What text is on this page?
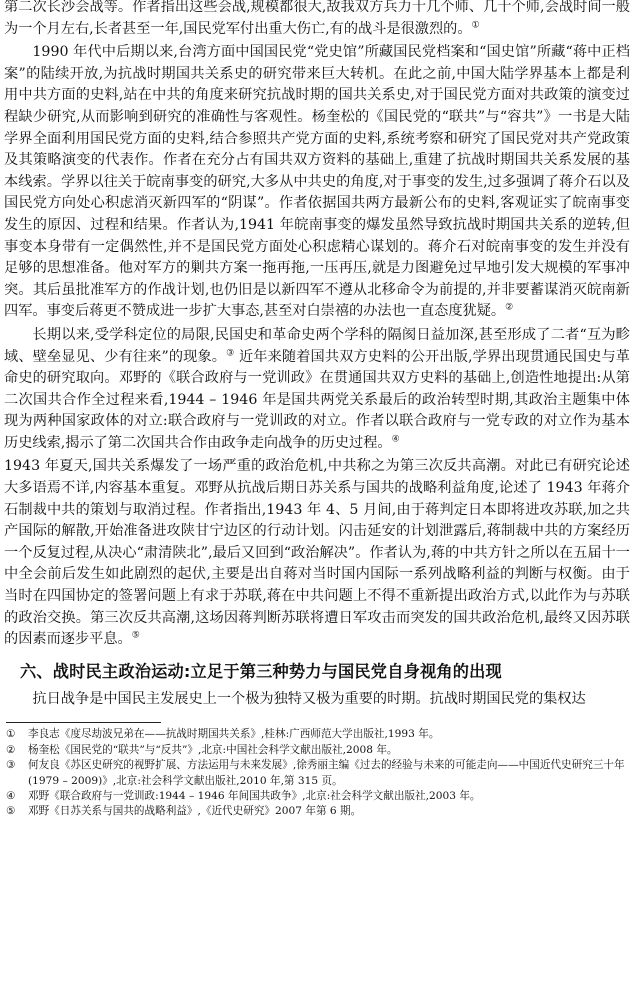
第二次长沙会战等。作者指出这些会战,规模都很大,敌我双方兵力十几个师、几十个师,会战时间一般为一个月左右,长者甚至一年,国民党军付出重大伤亡,有的战斗是很激烈的。①

1990 年代中后期以来,台湾方面中国国民党“党史馆”所藏国民党档案和“国史馆”所藏“蒋中正档案”的陆续开放,为抗战时期国共关系史的研究带来巨大转机。在此之前,中国大陆学界基本上都是利用中共方面的史料,站在中共的角度来研究抗战时期的国共关系史,对于国民党方面对共政策的演变过程缺少研究,从而影响到研究的准确性与客观性。杨奎松的《国民党的“联共”与“容共”》一书是大陆学界全面利用国民党方面的史料,结合参照共产党方面的史料,系统考察和研究了国民党对共产党政策及其策略演变的代表作。作者在充分占有国共双方资料的基础上,重建了抗战时期国共关系发展的基本线索。学界以往关于皖南事变的研究,大多从中共史的角度,对于事变的发生,过多强调了蒋介石以及国民党方向处心积虑消灭新四军的“阴谋”。作者依据国共两方最新公布的史料,客观证实了皖南事变发生的原因、过程和结果。作者认为,1941 年皖南事变的爆发虽然导致抗战时期国共关系的逆转,但事变本身带有一定偶然性,并不是国民党方面处心积虑精心谋划的。蒋介石对皖南事变的发生并没有足够的思想准备。他对军方的剿共方案一拖再拖,一压再压,就是力图避免过早地引发大规模的军事冲突。其后虽批准军方的作战计划,也仍旧是以新四军不遵从北移命令为前提的,并非要蓄谋消灭皖南新四军。事变后蒋更不赞成进一步扩大事态,甚至对白崇禧的办法也一直态度犹疑。②

长期以来,受学科定位的局限,民国史和革命史两个学科的隔阂日益加深,甚至形成了二者“互为畛域、壁垒显见、少有往来”的现象。③ 近年来随着国共双方史料的公开出版,学界出现贯通民国史与革命史的研究取向。邓野的《联合政府与一党训政》在贯通国共双方史料的基础上,创造性地提出:从第二次国共合作全过程来看,1944 – 1946 年是国共两党关系最后的政治转型时期,其政治主题集中体现为两种国家政体的对立:联合政府与一党训政的对立。作者以联合政府与一党专政的对立作为基本历史线索,揭示了第二次国共合作由政争走向战争的历史过程。④

1943 年夏天,国共关系爆发了一场严重的政治危机,中共称之为第三次反共高潮。对此已有研究论述大多语焉不详,内容基本重复。邓野从抗战后期日苏关系与国共的战略利益角度,论述了 1943 年蒋介石制裁中共的策划与取消过程。作者指出,1943 年 4、5 月间,由于蒋判定日本即将进攻苏联,加之共产国际的解散,开始准备进攻陕甘宁边区的行动计划。闪击延安的计划泄露后,蒋制裁中共的方案经历一个反复过程,从决心“肃清陕北”,最后又回到“政治解决”。作者认为,蒋的中共方针之所以在五届十一中全会前后发生如此剧烈的起伏,主要是出自蒋对当时国内国际一系列战略利益的判断与权衡。由于当时在四国协定的签署问题上有求于苏联,蒋在中共问题上不得不重新提出政治方式,以此作为与苏联的政治交换。第三次反共高潮,这场因蒋判断苏联将遭日军攻击而突发的国共政治危机,最终又因苏联的因素而逐步平息。⑤

六、战时民主政治运动:立足于第三种势力与国民党自身视角的出现

抗日战争是中国民主发展史上一个极为独特又极为重要的时期。抗战时期国民党的集权达

① 李良志《度尽劫波兄弟在——抗战时期国共关系》,桂林:广西师范大学出版社,1993 年。
② 杨奎松《国民党的“联共”与“反共”》,北京:中国社会科学文献出版社,2008 年。
③ 何友良《苏区史研究的视野扩展、方法运用与未来发展》,徐秀丽主编《过去的经验与未来的可能走向——中国近代史研究三十年(1979 – 2009)》,北京:社会科学文献出版社,2010 年,第 315 页。
④ 邓野《联合政府与一党训政:1944 – 1946 年间国共政争》,北京:社会科学文献出版社,2003 年。
⑤ 邓野《日苏关系与国共的战略利益》,《近代史研究》2007 年第 6 期。
